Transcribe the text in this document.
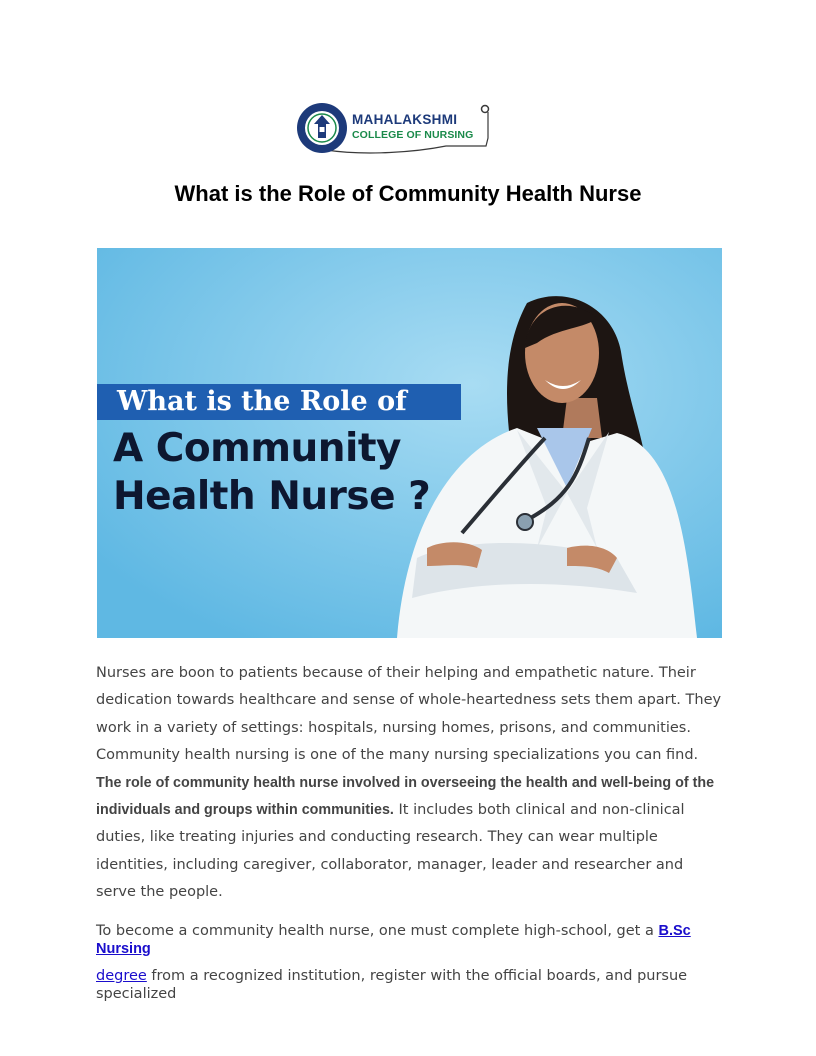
MAHALAKSHMI
COLLEGE OF NURSING
What is the Role of Community Health Nurse
What is the Role of
A Community
Health Nurse ?

Nurses are boon to patients because of their helping and empathetic nature. Their dedication towards healthcare and sense of whole-heartedness sets them apart. They work in a variety of settings: hospitals, nursing homes, prisons, and communities. Community health nursing is one of the many nursing specializations you can find. The role of community health nurse involved in overseeing the health and well-being of the individuals and groups within communities. It includes both clinical and non-clinical duties, like treating injuries and conducting research. They can wear multiple identities, including caregiver, collaborator, manager, leader and researcher and serve the people.

To become a community health nurse, one must complete high-school, get a B.Sc
Nursing
degree from a recognized institution, register with the official boards, and pursue
specialized
